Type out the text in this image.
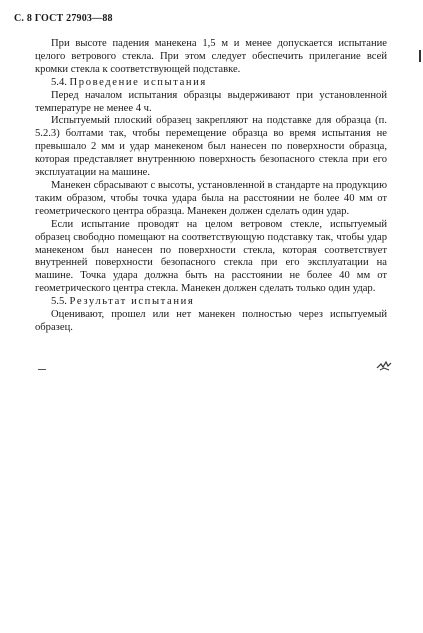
С. 8 ГОСТ 27903—88

При высоте падения манекена 1,5 м и менее допускается испытание целого ветрового стекла. При этом следует обеспечить прилегание всей кромки стекла к соответствующей подставке.

5.4. Проведение испытания

Перед началом испытания образцы выдерживают при установленной температуре не менее 4 ч.

Испытуемый плоский образец закрепляют на подставке для образца (п. 5.2.3) болтами так, чтобы перемещение образца во время испытания не превышало 2 мм и удар манекеном был нанесен по поверхности образца, которая представляет внутреннюю поверхность безопасного стекла при его эксплуатации на машине.

Манекен сбрасывают с высоты, установленной в стандарте на продукцию таким образом, чтобы точка удара была на расстоянии не более 40 мм от геометрического центра образца. Манекен должен сделать один удар.

Если испытание проводят на целом ветровом стекле, испытуемый образец свободно помещают на соответствующую подставку так, чтобы удар манекеном был нанесен по поверхности стекла, которая соответствует внутренней поверхности безопасного стекла при его эксплуатации на машине. Точка удара должна быть на расстоянии не более 40 мм от геометрического центра стекла. Манекен должен сделать только один удар.

5.5. Результат испытания

Оценивают, прошел или нет манекен полностью через испытуемый образец.
